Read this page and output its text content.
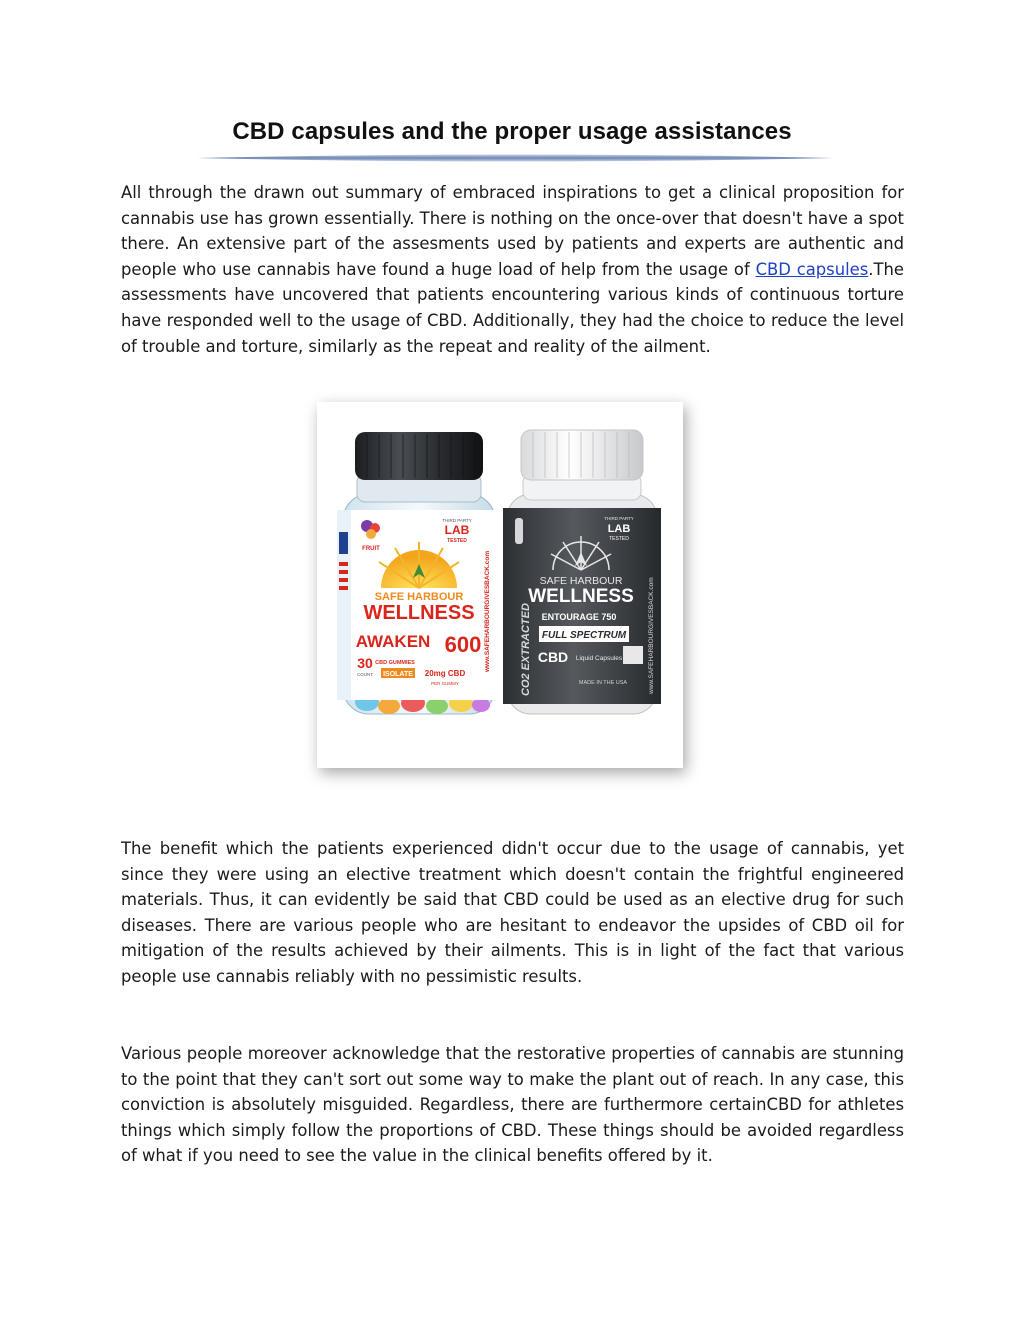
CBD capsules and the proper usage assistances

All through the drawn out summary of embraced inspirations to get a clinical proposition for cannabis use has grown essentially. There is nothing on the once-over that doesn't have a spot there. An extensive part of the assesments used by patients and experts are authentic and people who use cannabis have found a huge load of help from the usage of CBD capsules.The assessments have uncovered that patients encountering various kinds of continuous torture have responded well to the usage of CBD. Additionally, they had the choice to reduce the level of trouble and torture, similarly as the repeat and reality of the ailment.

FRUIT
THIRD PARTY
LAB
TESTED
SAFE HARBOUR
WELLNESS
AWAKEN 600
30 CBD GUMMIES
COUNT ISOLATE 20mg CBD
PER GUMMY
www.SAFEHARBOURGIVESBACK.com
THIRD PARTY
LAB
TESTED
SAFE HARBOUR
WELLNESS
ENTOURAGE 750
FULL SPECTRUM
CBD Liquid Capsules
MADE IN THE USA
CO2 EXTRACTED	www.SAFEHARBOURGIVESBACK.com

The benefit which the patients experienced didn't occur due to the usage of cannabis, yet since they were using an elective treatment which doesn't contain the frightful engineered materials. Thus, it can evidently be said that CBD could be used as an elective drug for such diseases. There are various people who are hesitant to endeavor the upsides of CBD oil for mitigation of the results achieved by their ailments. This is in light of the fact that various people use cannabis reliably with no pessimistic results.

Various people moreover acknowledge that the restorative properties of cannabis are stunning to the point that they can't sort out some way to make the plant out of reach. In any case, this conviction is absolutely misguided. Regardless, there are furthermore certainCBD for athletes things which simply follow the proportions of CBD. These things should be avoided regardless of what if you need to see the value in the clinical benefits offered by it.
